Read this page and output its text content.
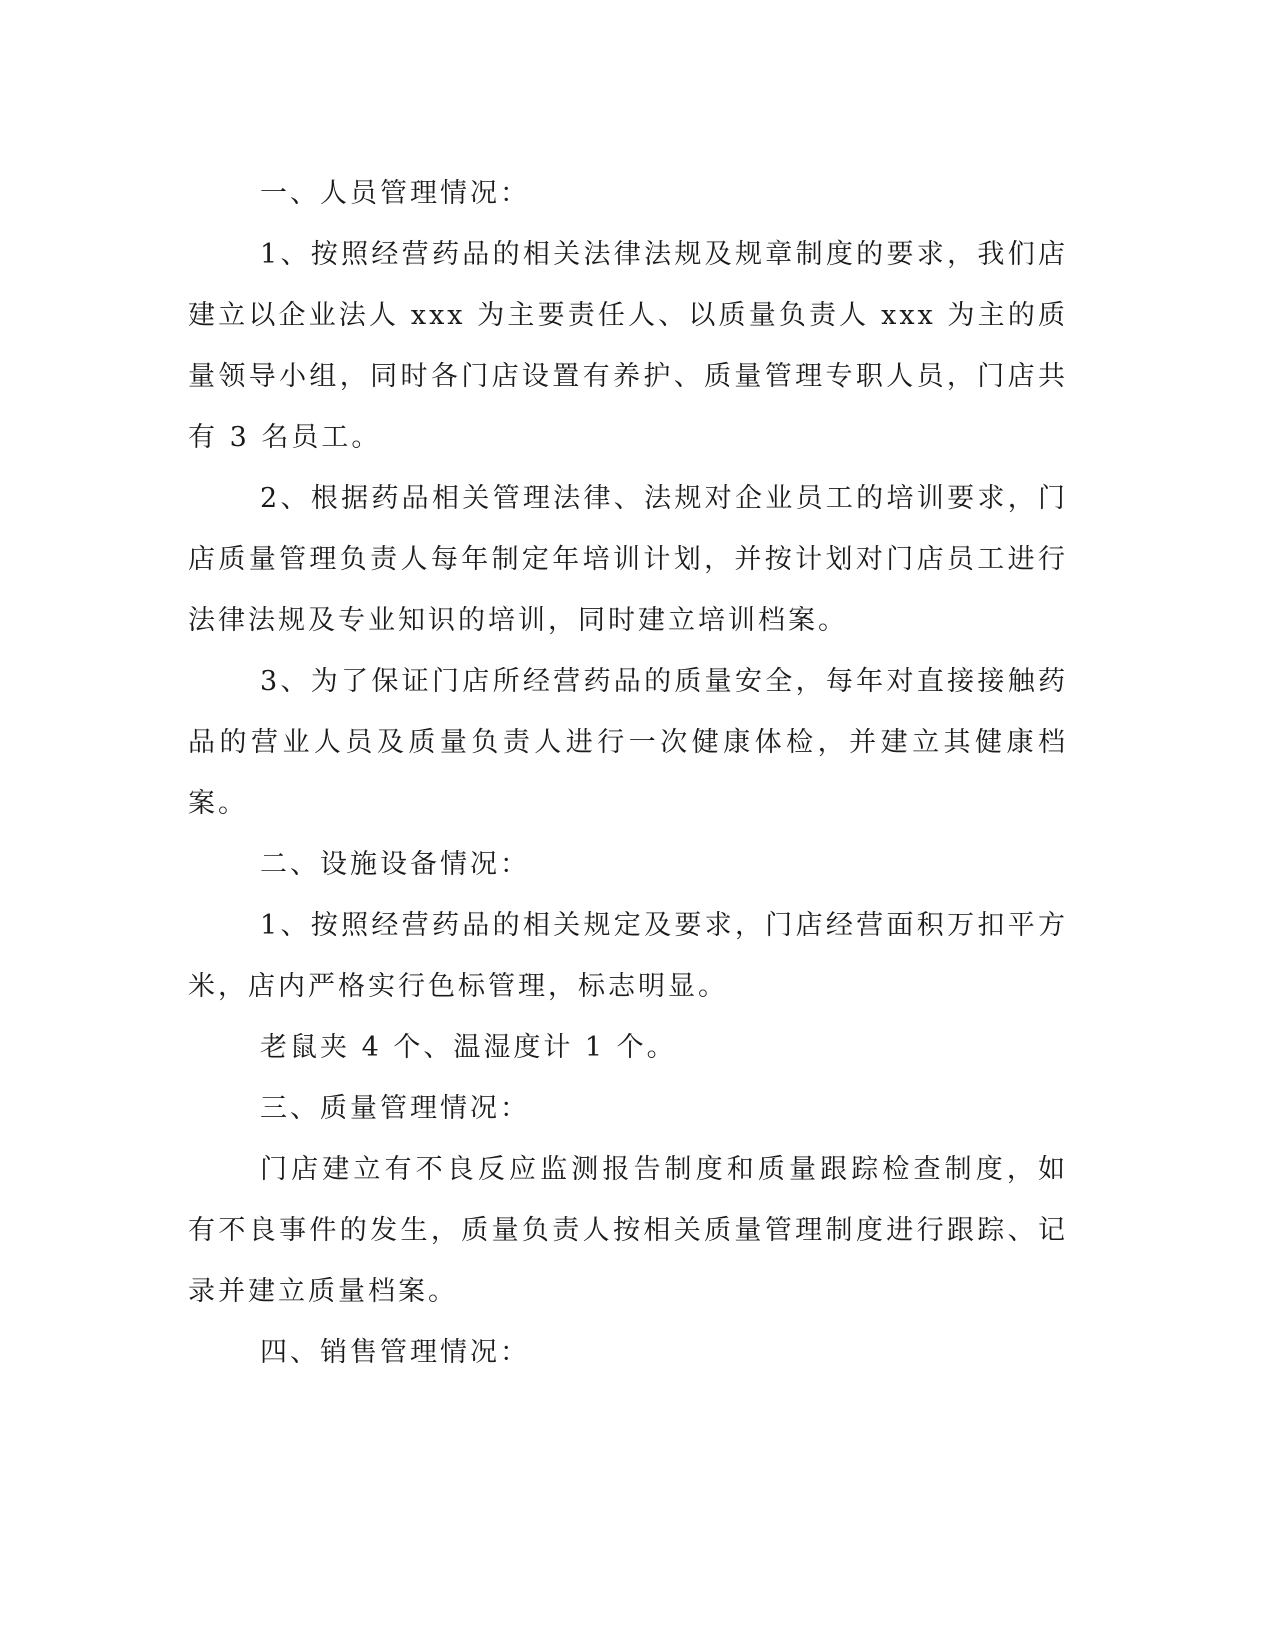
一、人员管理情况：

1、按照经营药品的相关法律法规及规章制度的要求，我们店建立以企业法人 xxx 为主要责任人、以质量负责人 xxx 为主的质量领导小组，同时各门店设置有养护、质量管理专职人员，门店共有 3 名员工。

2、根据药品相关管理法律、法规对企业员工的培训要求，门店质量管理负责人每年制定年培训计划，并按计划对门店员工进行法律法规及专业知识的培训，同时建立培训档案。

3、为了保证门店所经营药品的质量安全，每年对直接接触药品的营业人员及质量负责人进行一次健康体检，并建立其健康档案。

二、设施设备情况：

1、按照经营药品的相关规定及要求，门店经营面积万扣平方米，店内严格实行色标管理，标志明显。

老鼠夹 4 个、温湿度计 1 个。

三、质量管理情况：

门店建立有不良反应监测报告制度和质量跟踪检查制度，如有不良事件的发生，质量负责人按相关质量管理制度进行跟踪、记录并建立质量档案。

四、销售管理情况：
